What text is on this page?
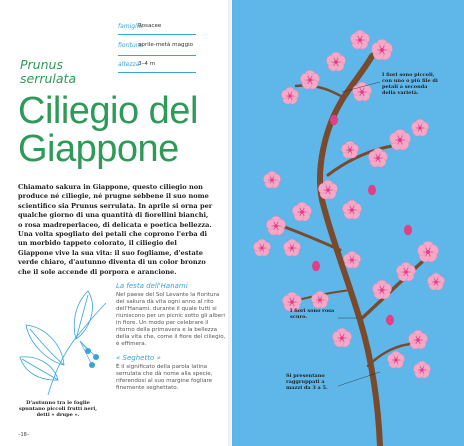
famiglia
Rosacee
fioritura
aprile-metà maggio
altezza
3–4 m
Prunus
serrulata
Ciliegio del
Giappone
Chiamato sakura in Giappone, questo ciliegio non produce né ciliegie, né prugne sebbene il suo nome scientifico sia Prunus serrulata. In aprile si orna per qualche giorno di una quantità di fiorellini bianchi, o rosa madreperlaceo, di delicata e poetica bellezza. Una volta spogliato dei petali che coprono l'erba di un morbido tappeto colorato, il ciliegio del Giappone vive la sua vita: il suo fogliame, d'estate verde chiaro, d'autunno diventa di un color bronzo che il sole accende di porpora e arancione.
D'autunno tra le foglie spuntano piccoli frutti neri, detti « drupe ».
La festa dell'Hanami
Nel paese del Sol Levante la fioritura del sakura dà vita ogni anno al rito dell'Hanami, durante il quale tutti si riuniscono per un picnic sotto gli alberi in fiore. Un modo per celebrare il ritorno della primavera e la bellezza della vita che, come il fiore del ciliegio, è effimera.
« Seghetto »
È il significato della parola latina serrulata che dà nome alla specie, riferendosi al suo margine fogliare finemente seghettato.
–18–
I fiori sono piccoli, con uno o più file di petali a seconda della varietà.
I fiori sono rosa scuro.
Si presentano raggruppati a mazzi da 3 a 5.
